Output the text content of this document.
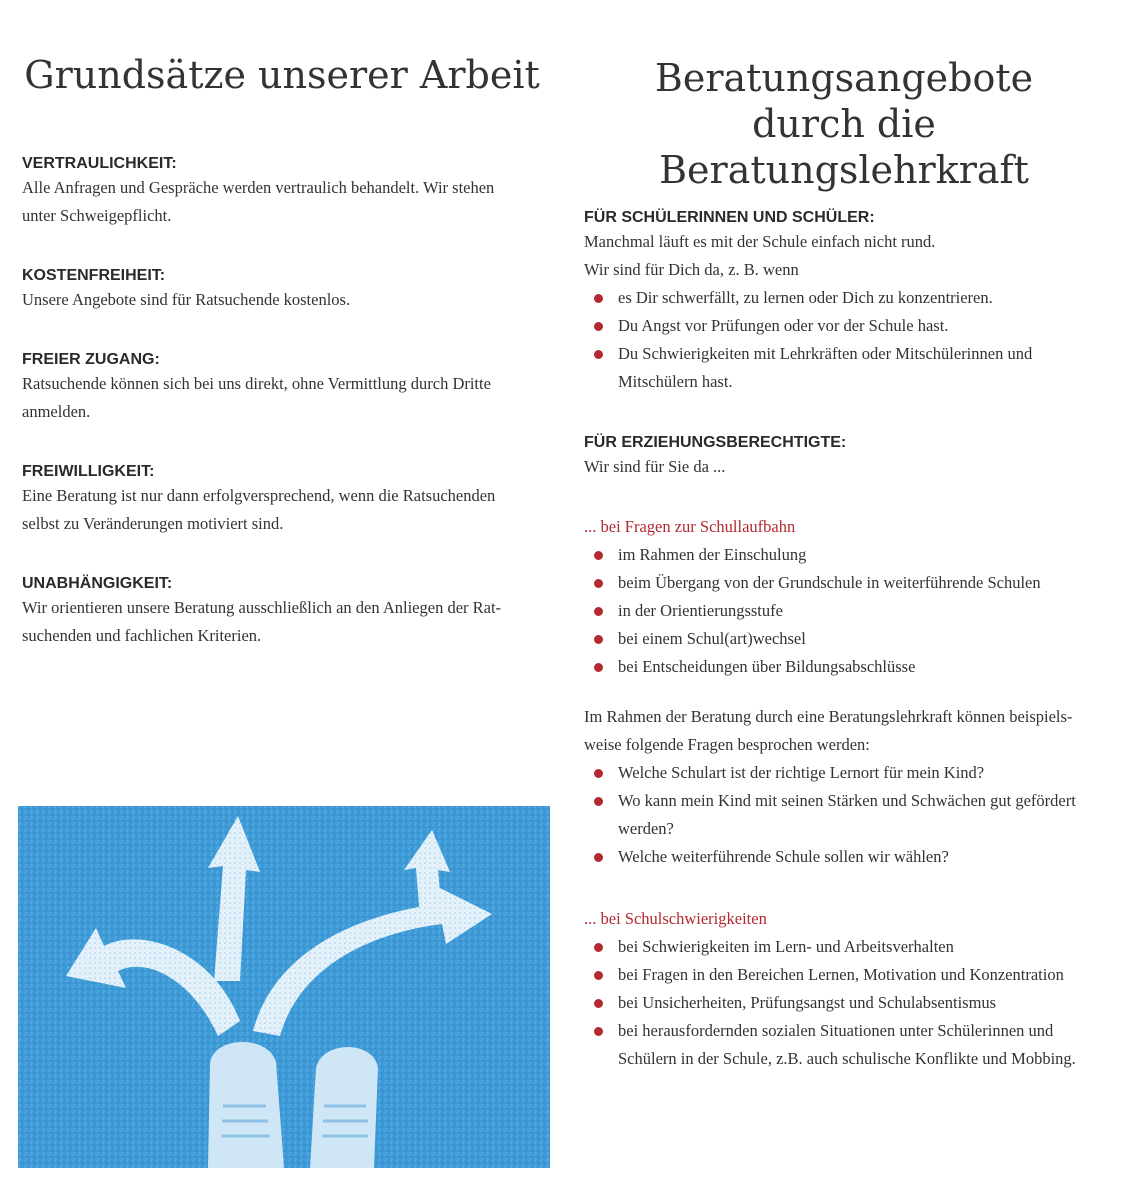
Grundsätze unserer Arbeit

VERTRAULICHKEIT:

Alle Anfragen und Gespräche werden vertraulich behandelt. Wir stehen

unter Schweigepflicht.

KOSTENFREIHEIT:

Unsere Angebote sind für Ratsuchende kostenlos.

FREIER ZUGANG:

Ratsuchende können sich bei uns direkt, ohne Vermittlung durch Dritte

anmelden.

FREIWILLIGKEIT:

Eine Beratung ist nur dann erfolgversprechend, wenn die Ratsuchenden

selbst zu Veränderungen motiviert sind.

UNABHÄNGIGKEIT:

Wir orientieren unsere Beratung ausschließlich an den Anliegen der Rat-

suchenden und fachlichen Kriterien.

Beratungsangebote
durch die Beratungslehrkraft

FÜR SCHÜLERINNEN UND SCHÜLER:

Manchmal läuft es mit der Schule einfach nicht rund.

Wir sind für Dich da, z. B. wenn

es Dir schwerfällt, zu lernen oder Dich zu konzentrieren.
Du Angst vor Prüfungen oder vor der Schule hast.
Du Schwierigkeiten mit Lehrkräften oder Mitschülerinnen und Mitschülern hast.

FÜR ERZIEHUNGSBERECHTIGTE:

Wir sind für Sie da ...

... bei Fragen zur Schullaufbahn

im Rahmen der Einschulung
beim Übergang von der Grundschule in weiterführende Schulen
in der Orientierungsstufe
bei einem Schul(art)wechsel
bei Entscheidungen über Bildungsabschlüsse

Im Rahmen der Beratung durch eine Beratungslehrkraft können beispiels-

weise folgende Fragen besprochen werden:

Welche Schulart ist der richtige Lernort für mein Kind?
Wo kann mein Kind mit seinen Stärken und Schwächen gut gefördert werden?
Welche weiterführende Schule sollen wir wählen?

... bei Schulschwierigkeiten

bei Schwierigkeiten im Lern- und Arbeitsverhalten
bei Fragen in den Bereichen Lernen, Motivation und Konzentration
bei Unsicherheiten, Prüfungsangst und Schulabsentismus
bei herausfordernden sozialen Situationen unter Schülerinnen und Schülern in der Schule, z.B. auch schulische Konflikte und Mobbing.
